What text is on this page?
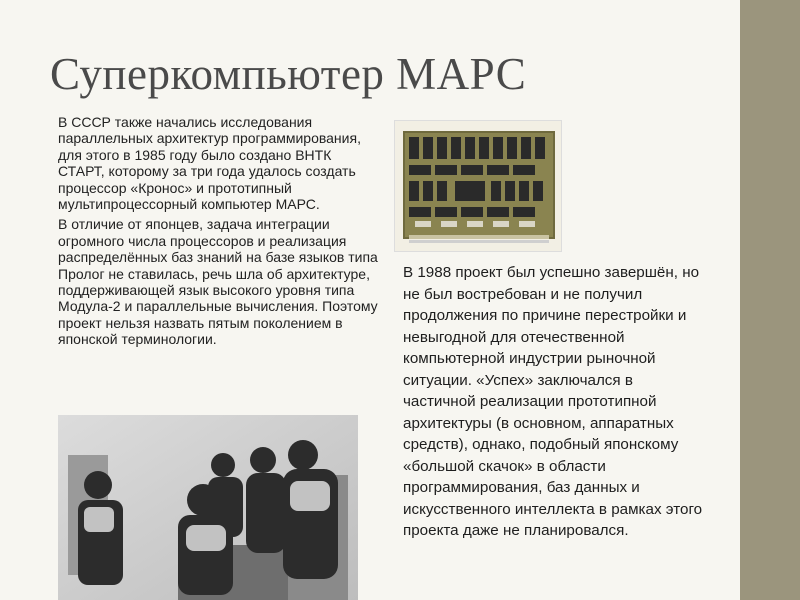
Суперкомпьютер МАРС

В СССР также начались исследования параллельных архитектур программирования, для этого в 1985 году было создано ВНТК СТАРТ, которому за три года удалось создать процессор «Кронос» и прототипный мультипроцессорный компьютер МАРС.

В отличие от японцев, задача интеграции огромного числа процессоров и реализация распределённых баз знаний на базе языков типа Пролог не ставилась, речь шла об архитектуре, поддерживающей язык высокого уровня типа Модула-2 и параллельные вычисления. Поэтому проект нельзя назвать пятым поколением в японской терминологии.

В 1988 проект был успешно завершён, но не был востребован и не получил продолжения по причине перестройки и невыгодной для отечественной компьютерной индустрии рыночной ситуации. «Успех» заключался в частичной реализации прототипной архитектуры (в основном, аппаратных средств), однако, подобный японскому «большой скачок» в области программирования, баз данных и искусственного интеллекта в рамках этого проекта даже не планировался.
